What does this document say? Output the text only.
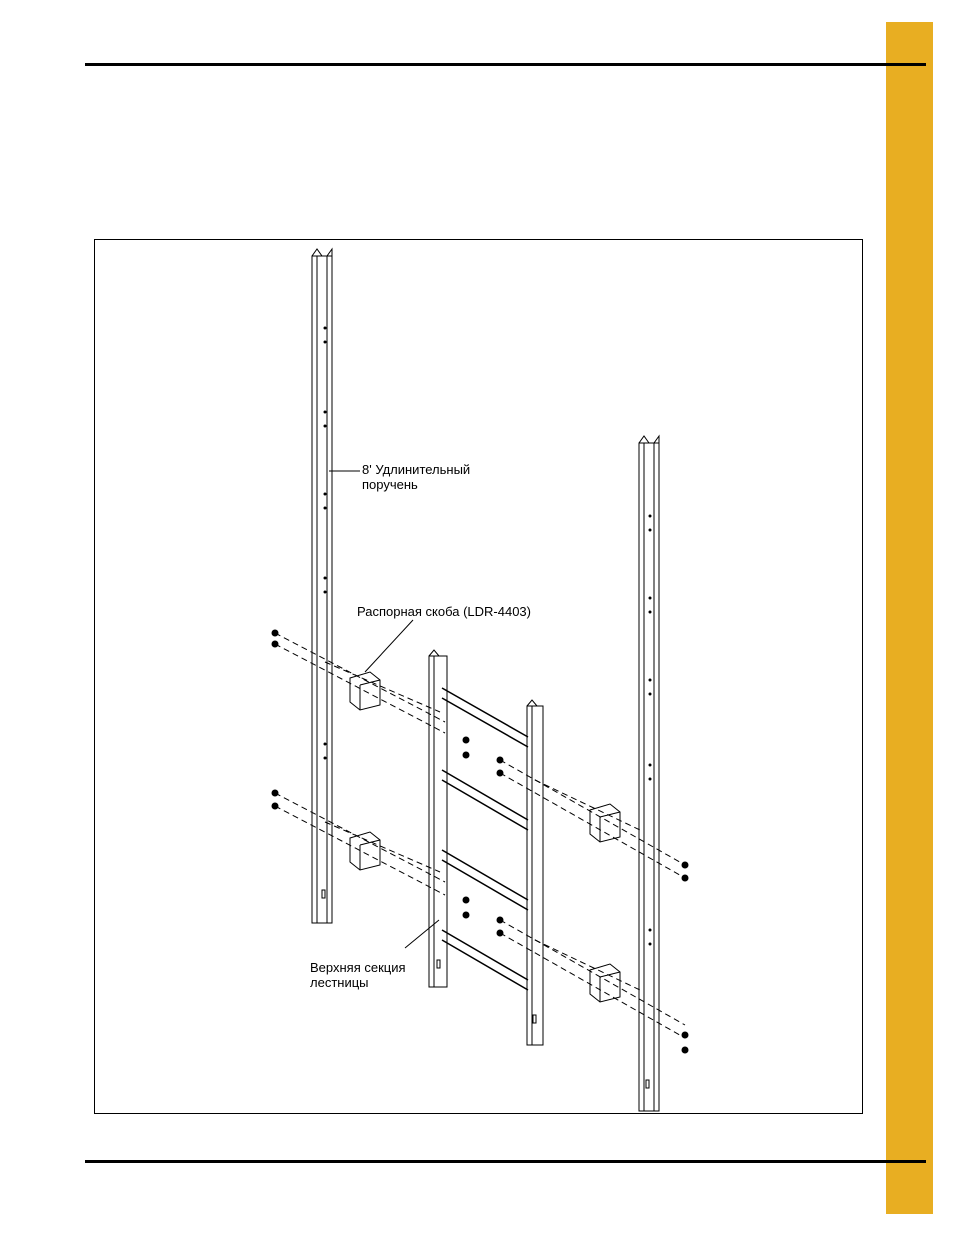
8' Удлинительный
поручень
Распорная скоба (LDR-4403)
Верхняя секция
лестницы
